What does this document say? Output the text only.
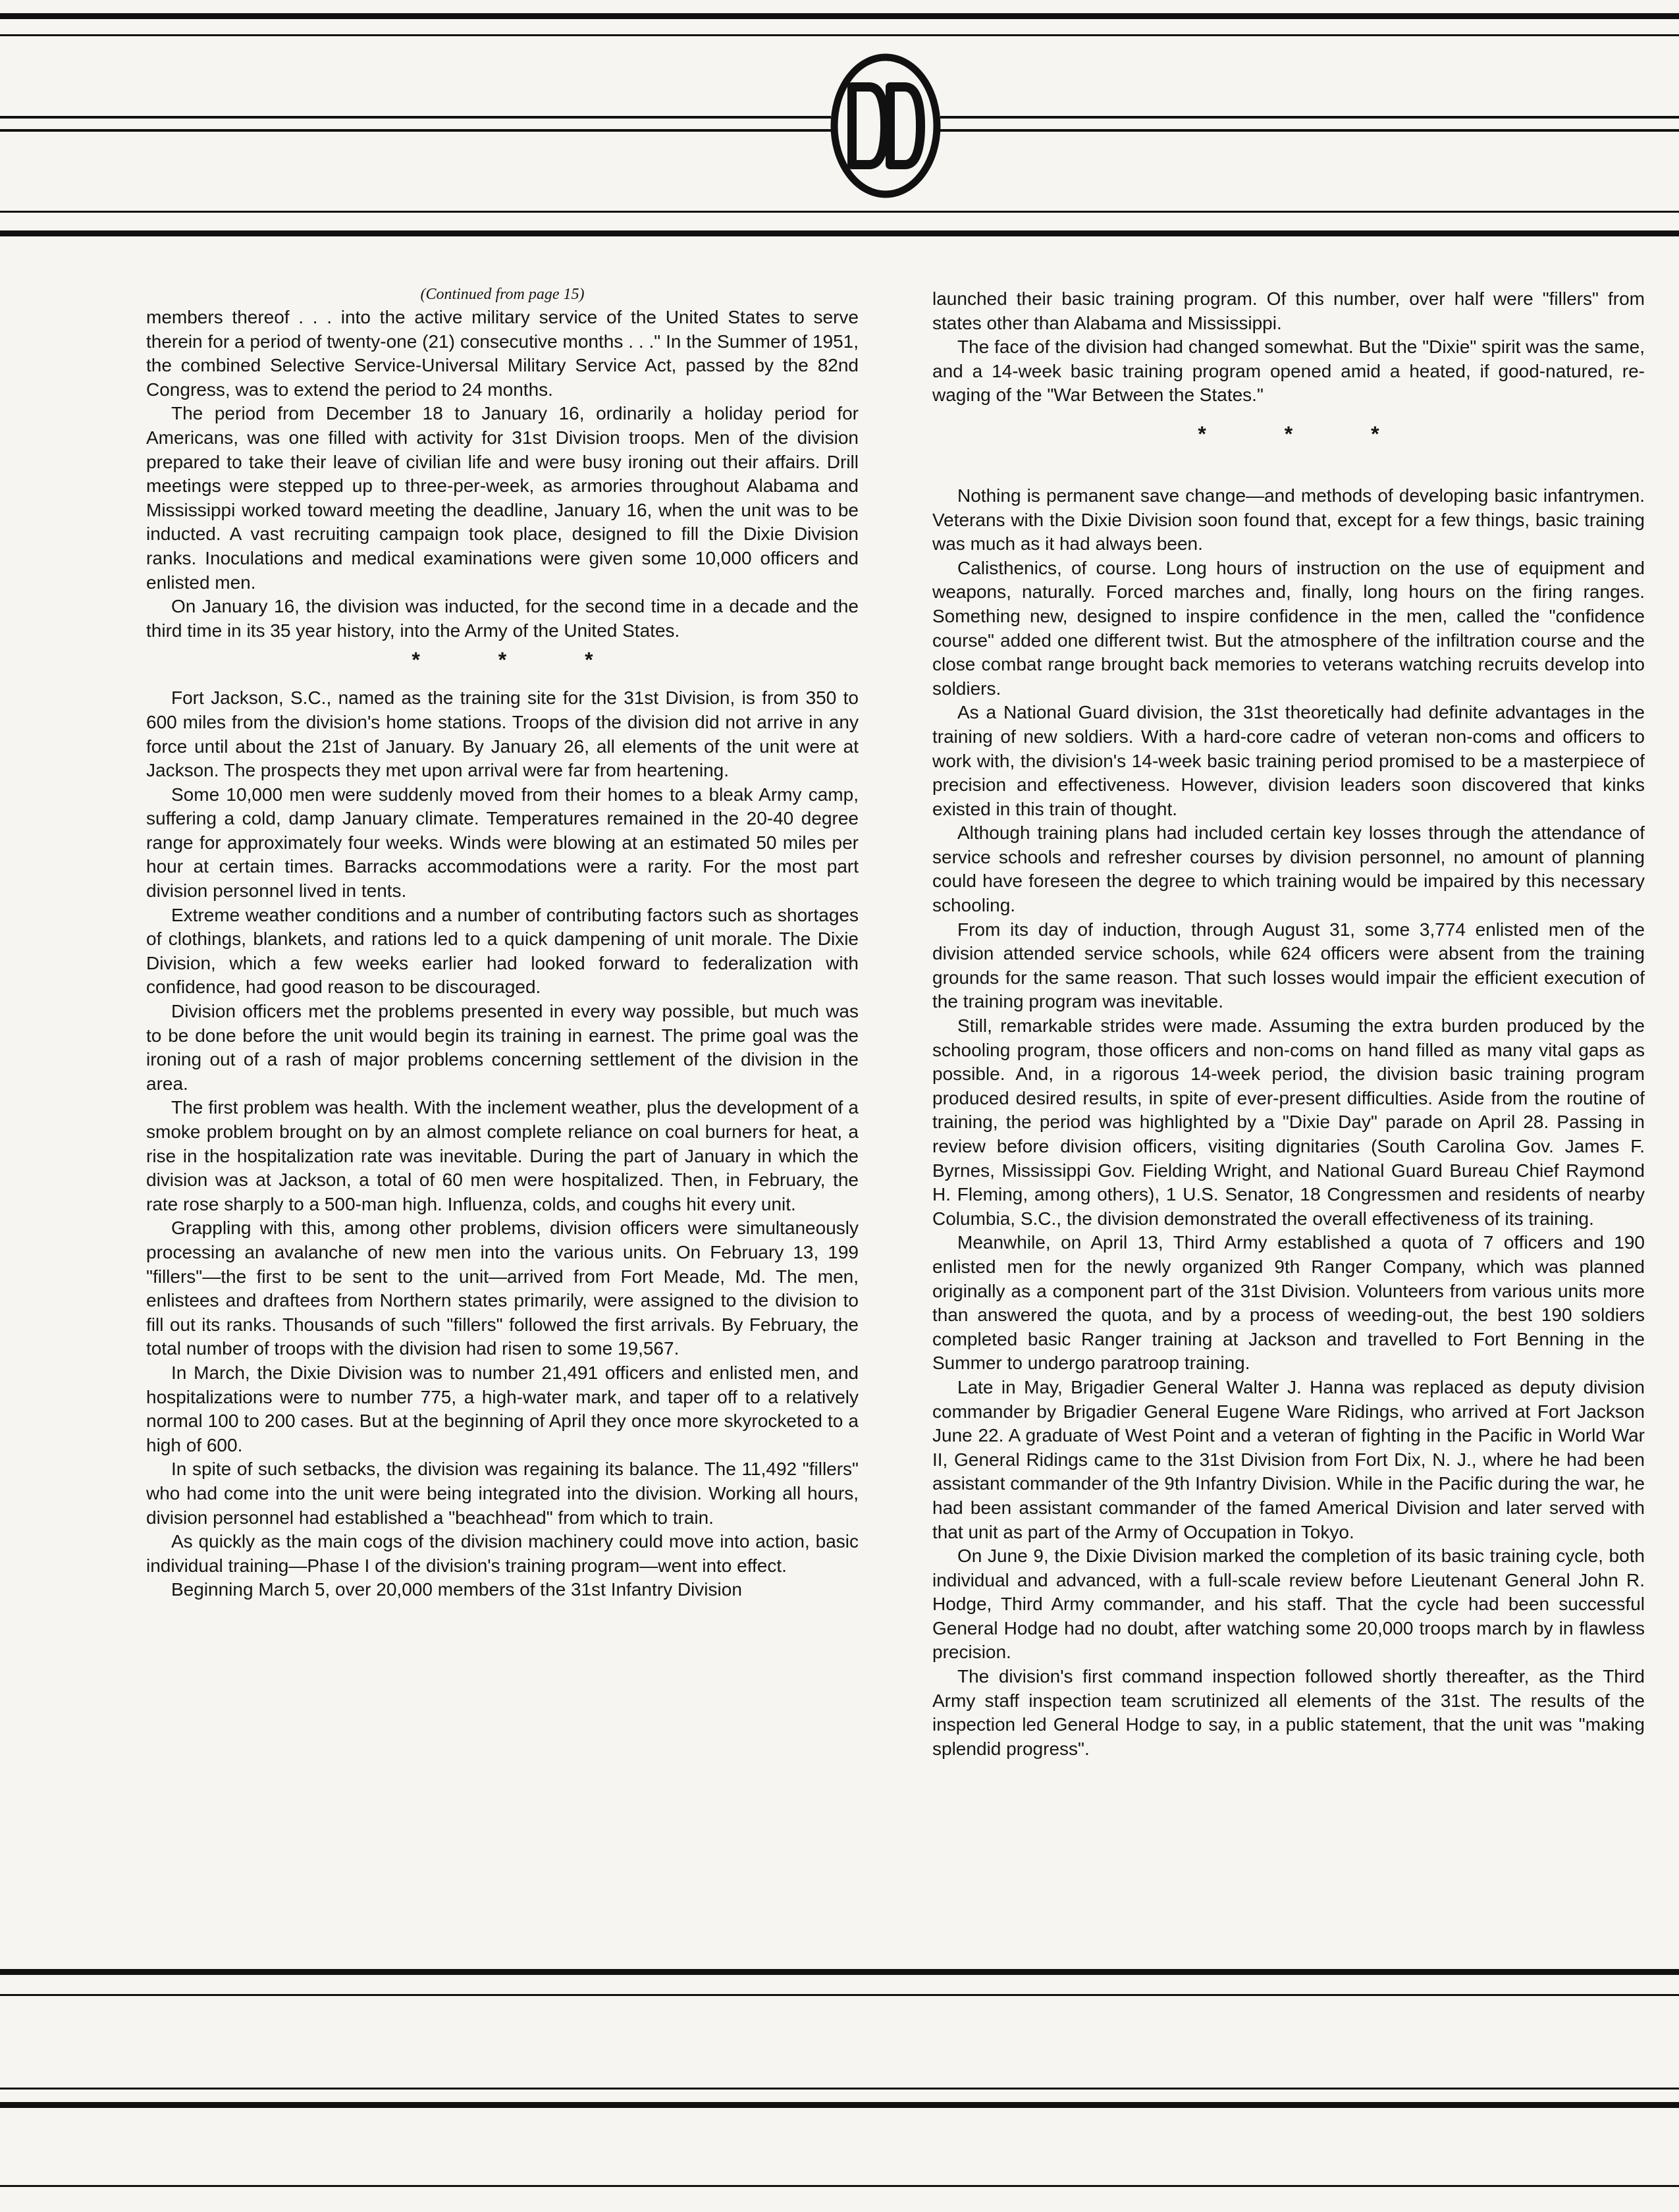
(Continued from page 15)

members thereof . . . into the active military service of the United States to serve therein for a period of twenty-one (21) consecutive months . . ." In the Summer of 1951, the combined Selective Service-Universal Military Service Act, passed by the 82nd Congress, was to extend the period to 24 months.

The period from December 18 to January 16, ordinarily a holiday period for Americans, was one filled with activity for 31st Division troops. Men of the division prepared to take their leave of civilian life and were busy ironing out their affairs. Drill meetings were stepped up to three-per-week, as armories throughout Alabama and Mississippi worked toward meeting the deadline, January 16, when the unit was to be inducted. A vast recruiting campaign took place, designed to fill the Dixie Division ranks. Inoculations and medical examinations were given some 10,000 officers and enlisted men.

On January 16, the division was inducted, for the second time in a decade and the third time in its 35 year history, into the Army of the United States.

* * *

Fort Jackson, S.C., named as the training site for the 31st Division, is from 350 to 600 miles from the division's home stations. Troops of the division did not arrive in any force until about the 21st of January. By January 26, all elements of the unit were at Jackson. The prospects they met upon arrival were far from heartening.

Some 10,000 men were suddenly moved from their homes to a bleak Army camp, suffering a cold, damp January climate. Temperatures remained in the 20-40 degree range for approximately four weeks. Winds were blowing at an estimated 50 miles per hour at certain times. Barracks accommodations were a rarity. For the most part division personnel lived in tents.

Extreme weather conditions and a number of contributing factors such as shortages of clothings, blankets, and rations led to a quick dampening of unit morale. The Dixie Division, which a few weeks earlier had looked forward to federalization with confidence, had good reason to be discouraged.

Division officers met the problems presented in every way possible, but much was to be done before the unit would begin its training in earnest. The prime goal was the ironing out of a rash of major problems concerning settlement of the division in the area.

The first problem was health. With the inclement weather, plus the development of a smoke problem brought on by an almost complete reliance on coal burners for heat, a rise in the hospitalization rate was inevitable. During the part of January in which the division was at Jackson, a total of 60 men were hospitalized. Then, in February, the rate rose sharply to a 500-man high. Influenza, colds, and coughs hit every unit.

Grappling with this, among other problems, division officers were simultaneously processing an avalanche of new men into the various units. On February 13, 199 "fillers"—the first to be sent to the unit—arrived from Fort Meade, Md. The men, enlistees and draftees from Northern states primarily, were assigned to the division to fill out its ranks. Thousands of such "fillers" followed the first arrivals. By February, the total number of troops with the division had risen to some 19,567.

In March, the Dixie Division was to number 21,491 officers and enlisted men, and hospitalizations were to number 775, a high-water mark, and taper off to a relatively normal 100 to 200 cases. But at the beginning of April they once more skyrocketed to a high of 600.

In spite of such setbacks, the division was regaining its balance. The 11,492 "fillers" who had come into the unit were being integrated into the division. Working all hours, division personnel had established a "beachhead" from which to train.

As quickly as the main cogs of the division machinery could move into action, basic individual training—Phase I of the division's training program—went into effect.

Beginning March 5, over 20,000 members of the 31st Infantry Division

launched their basic training program. Of this number, over half were "fillers" from states other than Alabama and Mississippi.

The face of the division had changed somewhat. But the "Dixie" spirit was the same, and a 14-week basic training program opened amid a heated, if good-natured, re-waging of the "War Between the States."

* * *

Nothing is permanent save change—and methods of developing basic infantrymen. Veterans with the Dixie Division soon found that, except for a few things, basic training was much as it had always been.

Calisthenics, of course. Long hours of instruction on the use of equipment and weapons, naturally. Forced marches and, finally, long hours on the firing ranges. Something new, designed to inspire confidence in the men, called the "confidence course" added one different twist. But the atmosphere of the infiltration course and the close combat range brought back memories to veterans watching recruits develop into soldiers.

As a National Guard division, the 31st theoretically had definite advantages in the training of new soldiers. With a hard-core cadre of veteran non-coms and officers to work with, the division's 14-week basic training period promised to be a masterpiece of precision and effectiveness. However, division leaders soon discovered that kinks existed in this train of thought.

Although training plans had included certain key losses through the attendance of service schools and refresher courses by division personnel, no amount of planning could have foreseen the degree to which training would be impaired by this necessary schooling.

From its day of induction, through August 31, some 3,774 enlisted men of the division attended service schools, while 624 officers were absent from the training grounds for the same reason. That such losses would impair the efficient execution of the training program was inevitable.

Still, remarkable strides were made. Assuming the extra burden produced by the schooling program, those officers and non-coms on hand filled as many vital gaps as possible. And, in a rigorous 14-week period, the division basic training program produced desired results, in spite of ever-present difficulties. Aside from the routine of training, the period was highlighted by a "Dixie Day" parade on April 28. Passing in review before division officers, visiting dignitaries (South Carolina Gov. James F. Byrnes, Mississippi Gov. Fielding Wright, and National Guard Bureau Chief Raymond H. Fleming, among others), 1 U.S. Senator, 18 Congressmen and residents of nearby Columbia, S.C., the division demonstrated the overall effectiveness of its training.

Meanwhile, on April 13, Third Army established a quota of 7 officers and 190 enlisted men for the newly organized 9th Ranger Company, which was planned originally as a component part of the 31st Division. Volunteers from various units more than answered the quota, and by a process of weeding-out, the best 190 soldiers completed basic Ranger training at Jackson and travelled to Fort Benning in the Summer to undergo paratroop training.

Late in May, Brigadier General Walter J. Hanna was replaced as deputy division commander by Brigadier General Eugene Ware Ridings, who arrived at Fort Jackson June 22. A graduate of West Point and a veteran of fighting in the Pacific in World War II, General Ridings came to the 31st Division from Fort Dix, N. J., where he had been assistant commander of the 9th Infantry Division. While in the Pacific during the war, he had been assistant commander of the famed Americal Division and later served with that unit as part of the Army of Occupation in Tokyo.

On June 9, the Dixie Division marked the completion of its basic training cycle, both individual and advanced, with a full-scale review before Lieutenant General John R. Hodge, Third Army commander, and his staff. That the cycle had been successful General Hodge had no doubt, after watching some 20,000 troops march by in flawless precision.

The division's first command inspection followed shortly thereafter, as the Third Army staff inspection team scrutinized all elements of the 31st. The results of the inspection led General Hodge to say, in a public statement, that the unit was "making splendid progress".
